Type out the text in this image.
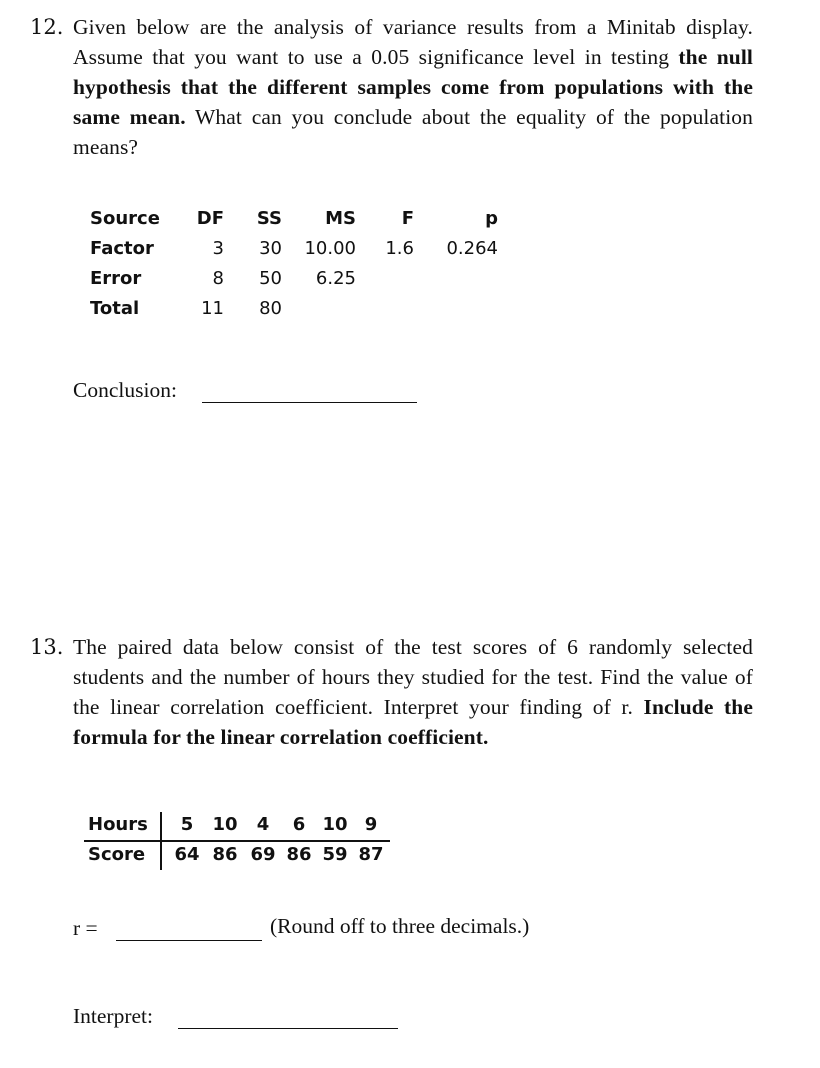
12. Given below are the analysis of variance results from a Minitab display. Assume that you want to use a 0.05 significance level in testing the null hypothesis that the different samples come from populations with the same mean. What can you conclude about the equality of the population means?
Source	DF	SS	MS	F	p
Factor	3	30	10.00	1.6	0.264
Error	8	50	6.25
Total	11	80
Conclusion:
13. The paired data below consist of the test scores of 6 randomly selected students and the number of hours they studied for the test. Find the value of the linear correlation coefficient. Interpret your finding of r. Include the formula for the linear correlation coefficient.
Hours	5	10	4	6 10 9
Score	64 86 69 86 59 87
r =	(Round off to three decimals.)
Interpret:
